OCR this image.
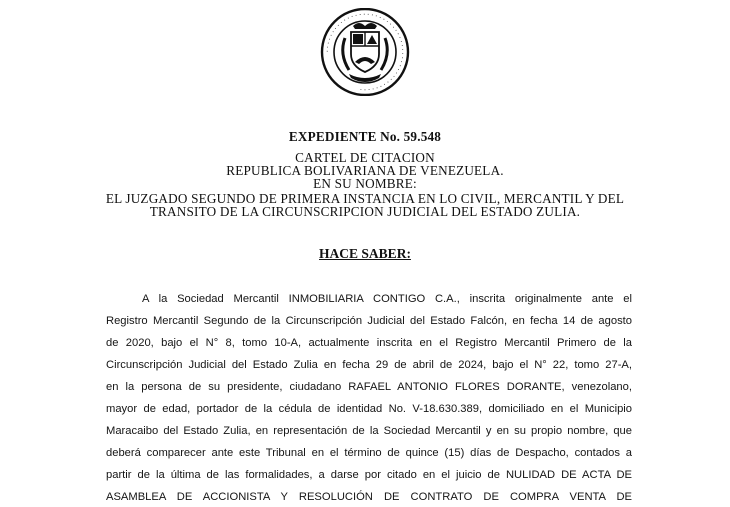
· · · · · · · · · · · · · · · · · · · · · · · · · · · · · · · · · · · · · · · · · · · · ·
EXPEDIENTE No. 59.548
CARTEL DE CITACION
REPUBLICA BOLIVARIANA DE VENEZUELA.
EN SU NOMBRE:
EL JUZGADO SEGUNDO DE PRIMERA INSTANCIA EN LO CIVIL, MERCANTIL Y DEL
TRANSITO DE LA CIRCUNSCRIPCION JUDICIAL DEL ESTADO ZULIA.
HACE SABER:
A la Sociedad Mercantil INMOBILIARIA CONTIGO C.A., inscrita originalmente ante el
Registro Mercantil Segundo de la Circunscripción Judicial del Estado Falcón, en fecha 14 de agosto
de 2020, bajo el N° 8, tomo 10-A, actualmente inscrita en el Registro Mercantil Primero de la
Circunscripción Judicial del Estado Zulia en fecha 29 de abril de 2024, bajo el N° 22, tomo 27-A,
en la persona de su presidente, ciudadano RAFAEL ANTONIO FLORES DORANTE, venezolano,
mayor de edad, portador de la cédula de identidad No. V-18.630.389, domiciliado en el Municipio
Maracaibo del Estado Zulia, en representación de la Sociedad Mercantil y en su propio nombre, que
deberá comparecer ante este Tribunal en el término de quince (15) días de Despacho, contados a
partir de la última de las formalidades, a darse por citado en el juicio de NULIDAD DE ACTA DE
ASAMBLEA DE ACCIONISTA Y RESOLUCIÓN DE CONTRATO DE COMPRA VENTA DE
